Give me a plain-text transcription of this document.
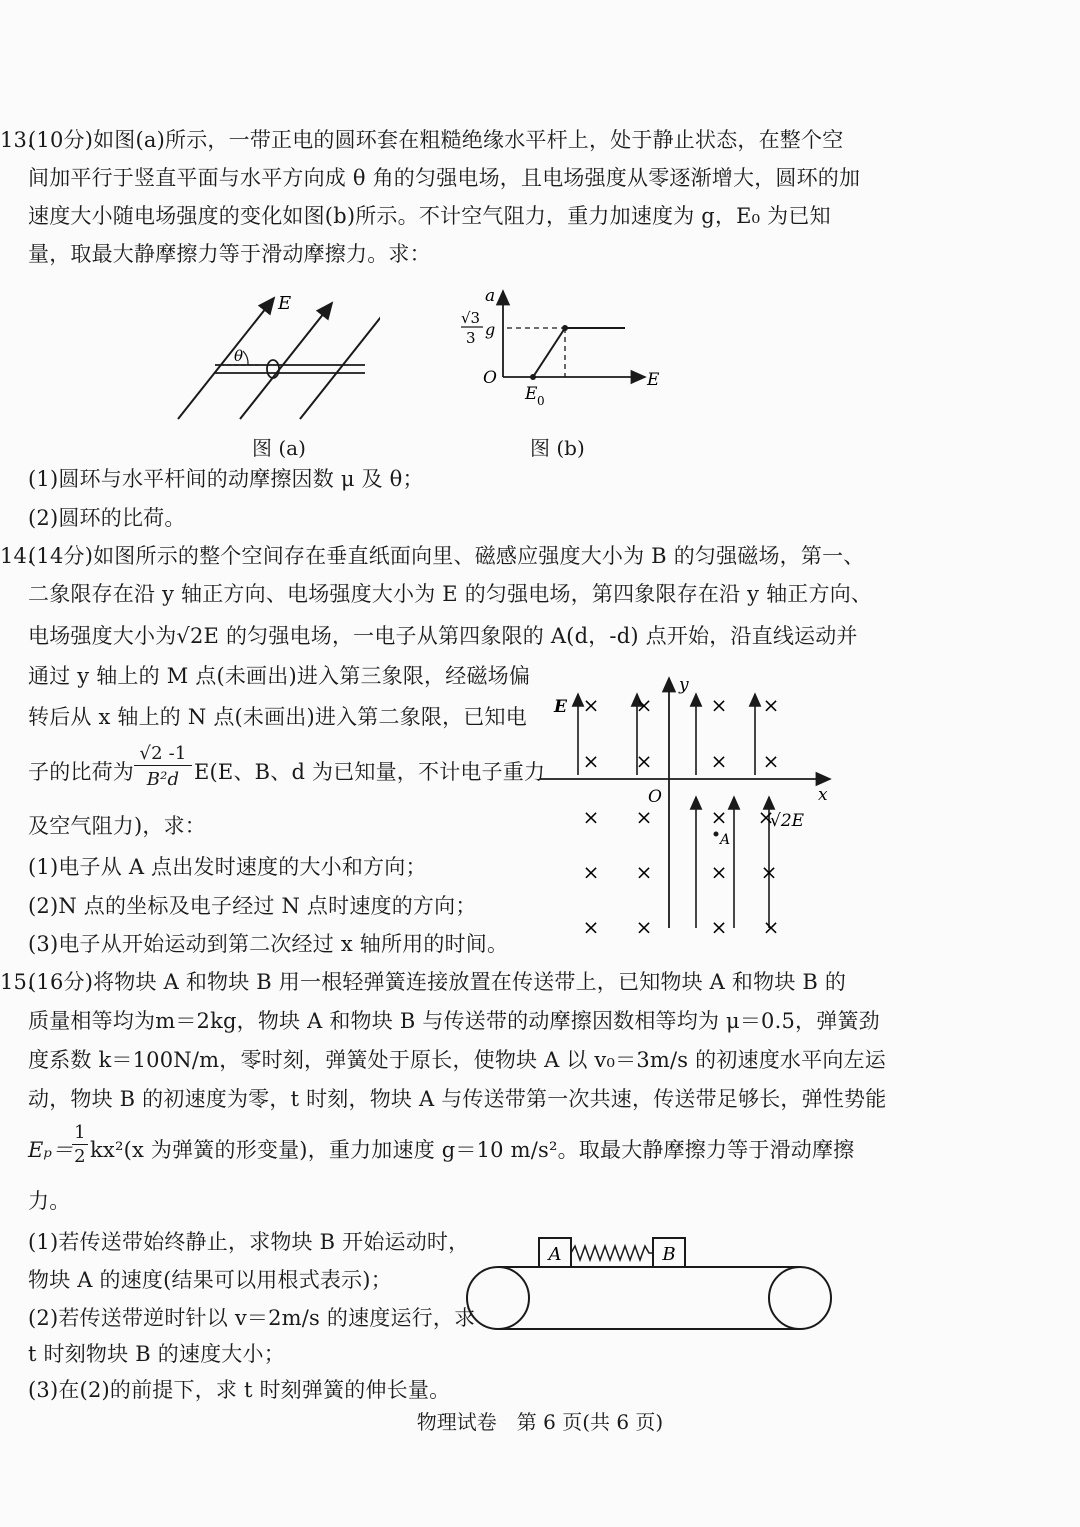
13.
(10分)如图(a)所示，一带正电的圆环套在粗糙绝缘水平杆上，处于静止状态，在整个空
间加平行于竖直平面与水平方向成 θ 角的匀强电场，且电场强度从零逐渐增大，圆环的加
速度大小随电场强度的变化如图(b)所示。不计空气阻力，重力加速度为 g，E₀ 为已知
量，取最大静摩擦力等于滑动摩擦力。求：
E
θ
图 (a)
a
E
O
√3
3 g
E 0
图 (b)
(1)圆环与水平杆间的动摩擦因数 μ 及 θ；
(2)圆环的比荷。
14.
(14分)如图所示的整个空间存在垂直纸面向里、磁感应强度大小为 B 的匀强磁场，第一、
二象限存在沿 y 轴正方向、电场强度大小为 E 的匀强电场，第四象限存在沿 y 轴正方向、
电场强度大小为√2E 的匀强电场，一电子从第四象限的 A(d，-d) 点开始，沿直线运动并
通过 y 轴上的 M 点(未画出)进入第三象限，经磁场偏
转后从 x 轴上的 N 点(未画出)进入第二象限，已知电
子的比荷为
√2 -1
B²d E(E、B、d 为已知量，不计电子重力
及空气阻力)，求：
(1)电子从 A 点出发时速度的大小和方向；
(2)N 点的坐标及电子经过 N 点时速度的方向；
(3)电子从开始运动到第二次经过 x 轴所用的时间。
y
x
O
E
√2E
A
× ×	× ×
× ×	× ×
× ×	× ×
× ×	× ×
× ×	× ×
15.
(16分)将物块 A 和物块 B 用一根轻弹簧连接放置在传送带上，已知物块 A 和物块 B 的
质量相等均为m＝2kg，物块 A 和物块 B 与传送带的动摩擦因数相等均为 μ＝0.5，弹簧劲
度系数 k＝100N/m，零时刻，弹簧处于原长，使物块 A 以 v₀＝3m/s 的初速度水平向左运
动，物块 B 的初速度为零，t 时刻，物块 A 与传送带第一次共速，传送带足够长，弹性势能
Eₚ＝
1
2 kx²(x 为弹簧的形变量)，重力加速度 g＝10 m/s²。取最大静摩擦力等于滑动摩擦
力。
(1)若传送带始终静止，求物块 B 开始运动时，
物块 A 的速度(结果可以用根式表示)；
(2)若传送带逆时针以 v＝2m/s 的速度运行，求
t 时刻物块 B 的速度大小；
(3)在(2)的前提下，求 t 时刻弹簧的伸长量。
A	B
物理试卷　第 6 页(共 6 页)
